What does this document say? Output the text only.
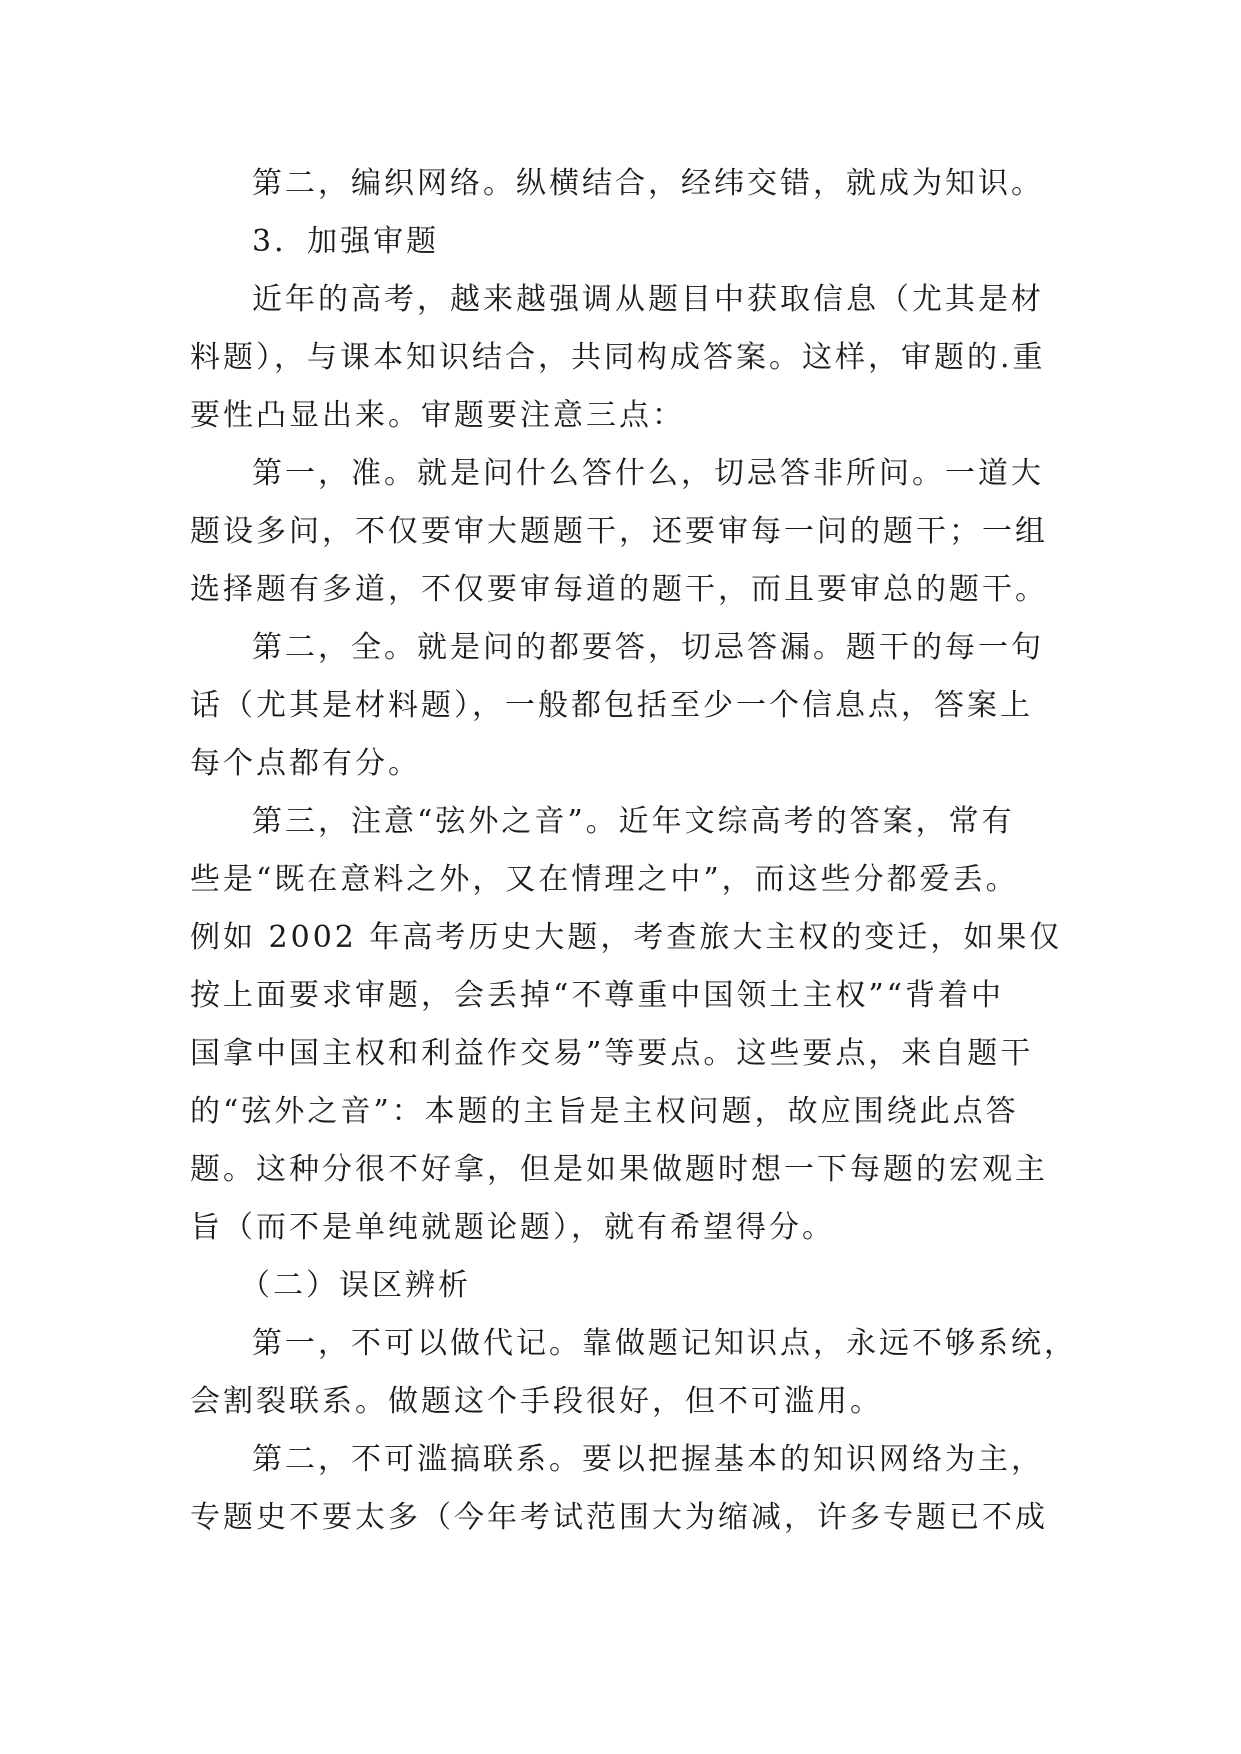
第二，编织网络。纵横结合，经纬交错，就成为知识。
3．加强审题
近年的高考，越来越强调从题目中获取信息（尤其是材
料题），与课本知识结合，共同构成答案。这样，审题的.重
要性凸显出来。审题要注意三点：
第一，准。就是问什么答什么，切忌答非所问。一道大
题设多问，不仅要审大题题干，还要审每一问的题干；一组
选择题有多道，不仅要审每道的题干，而且要审总的题干。
第二，全。就是问的都要答，切忌答漏。题干的每一句
话（尤其是材料题），一般都包括至少一个信息点，答案上
每个点都有分。
第三，注意“弦外之音”。近年文综高考的答案，常有
些是“既在意料之外，又在情理之中”，而这些分都爱丢。
例如 2002 年高考历史大题，考查旅大主权的变迁，如果仅
按上面要求审题，会丢掉“不尊重中国领土主权”“背着中
国拿中国主权和利益作交易”等要点。这些要点，来自题干
的“弦外之音”：本题的主旨是主权问题，故应围绕此点答
题。这种分很不好拿，但是如果做题时想一下每题的宏观主
旨（而不是单纯就题论题），就有希望得分。
（二）误区辨析
第一，不可以做代记。靠做题记知识点，永远不够系统，
会割裂联系。做题这个手段很好，但不可滥用。
第二，不可滥搞联系。要以把握基本的知识网络为主，
专题史不要太多（今年考试范围大为缩减，许多专题已不成
